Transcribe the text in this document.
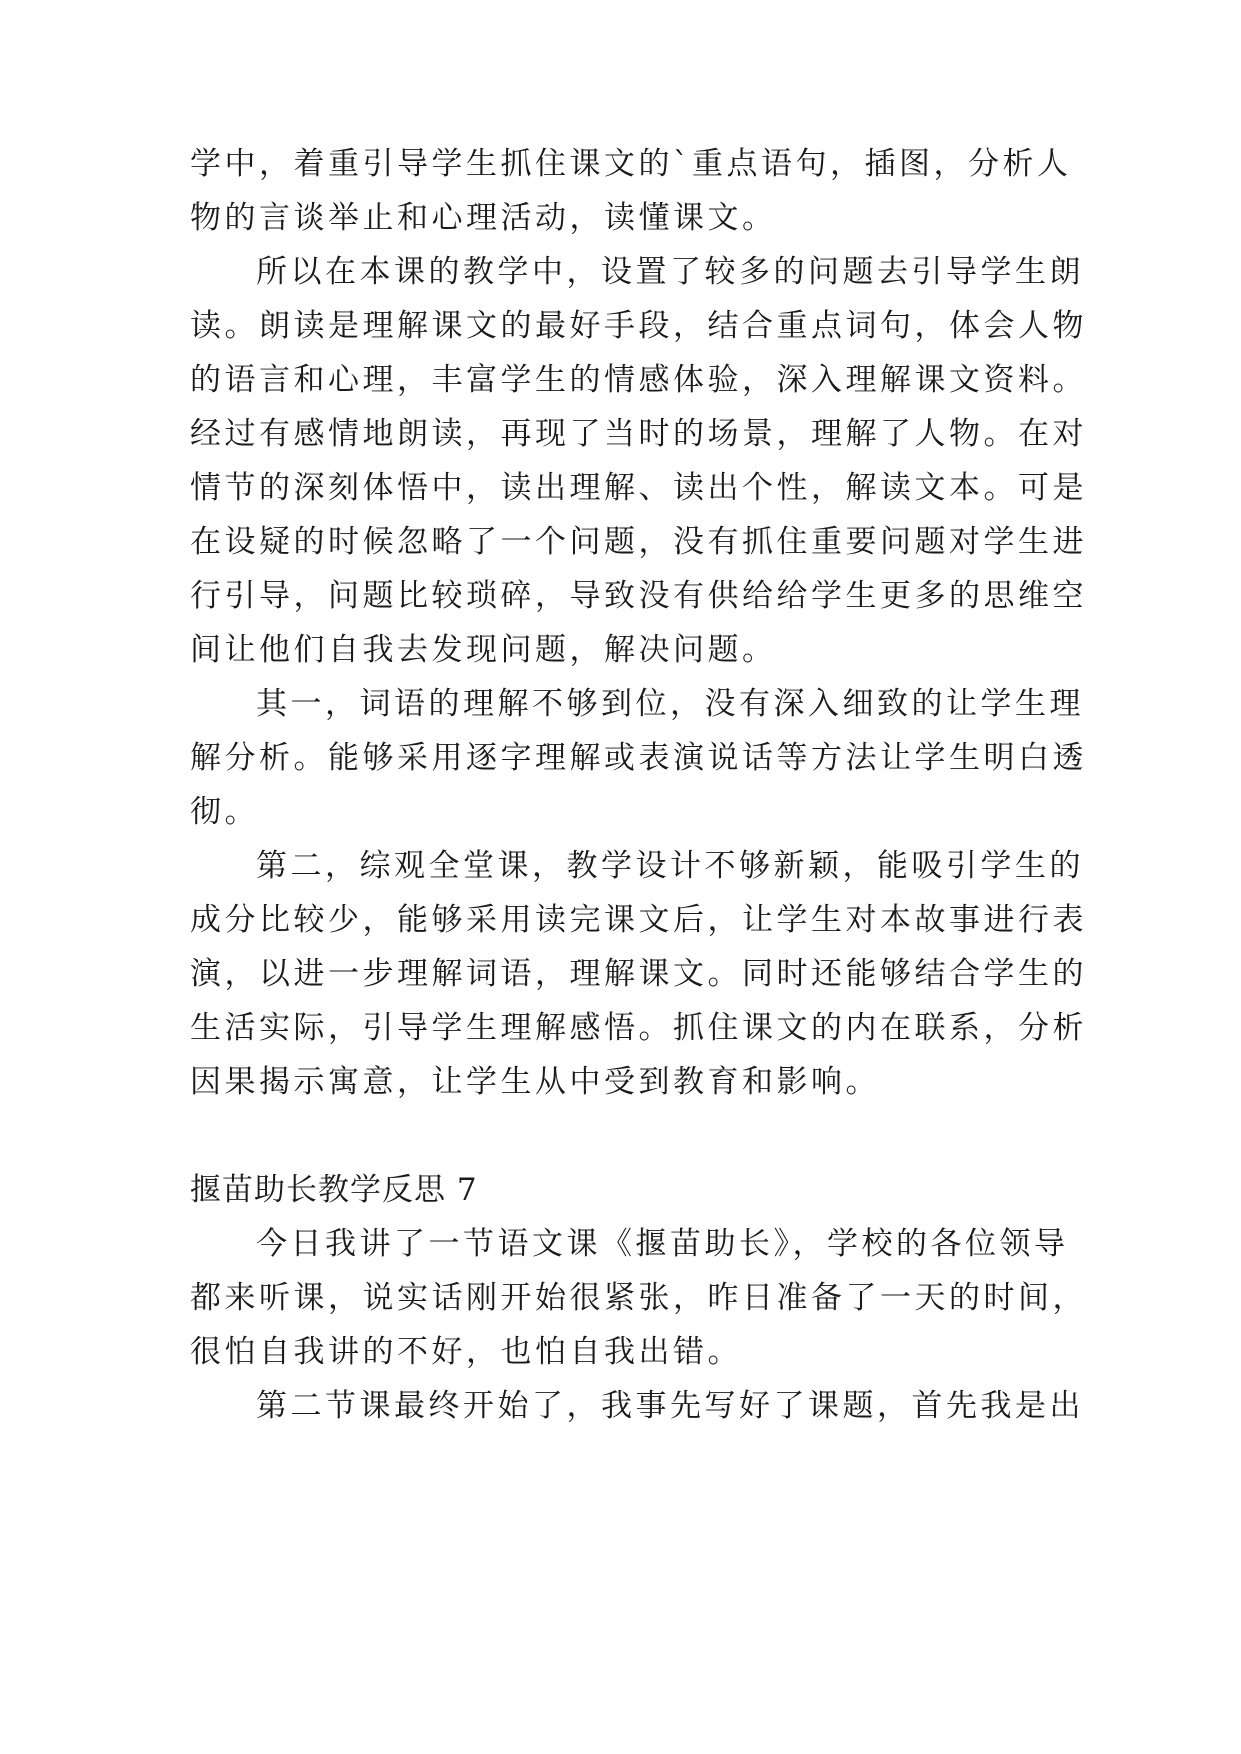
学中，着重引导学生抓住课文的`重点语句，插图，分析人
物的言谈举止和心理活动，读懂课文。
所以在本课的教学中，设置了较多的问题去引导学生朗
读。朗读是理解课文的最好手段，结合重点词句，体会人物
的语言和心理，丰富学生的情感体验，深入理解课文资料。
经过有感情地朗读，再现了当时的场景，理解了人物。在对
情节的深刻体悟中，读出理解、读出个性，解读文本。可是
在设疑的时候忽略了一个问题，没有抓住重要问题对学生进
行引导，问题比较琐碎，导致没有供给给学生更多的思维空
间让他们自我去发现问题，解决问题。
其一，词语的理解不够到位，没有深入细致的让学生理
解分析。能够采用逐字理解或表演说话等方法让学生明白透
彻。
第二，综观全堂课，教学设计不够新颖，能吸引学生的
成分比较少，能够采用读完课文后，让学生对本故事进行表
演，以进一步理解词语，理解课文。同时还能够结合学生的
生活实际，引导学生理解感悟。抓住课文的内在联系，分析
因果揭示寓意，让学生从中受到教育和影响。
揠苗助长教学反思 7
今日我讲了一节语文课《揠苗助长》，学校的各位领导
都来听课，说实话刚开始很紧张，昨日准备了一天的时间，
很怕自我讲的不好，也怕自我出错。
第二节课最终开始了，我事先写好了课题，首先我是出
